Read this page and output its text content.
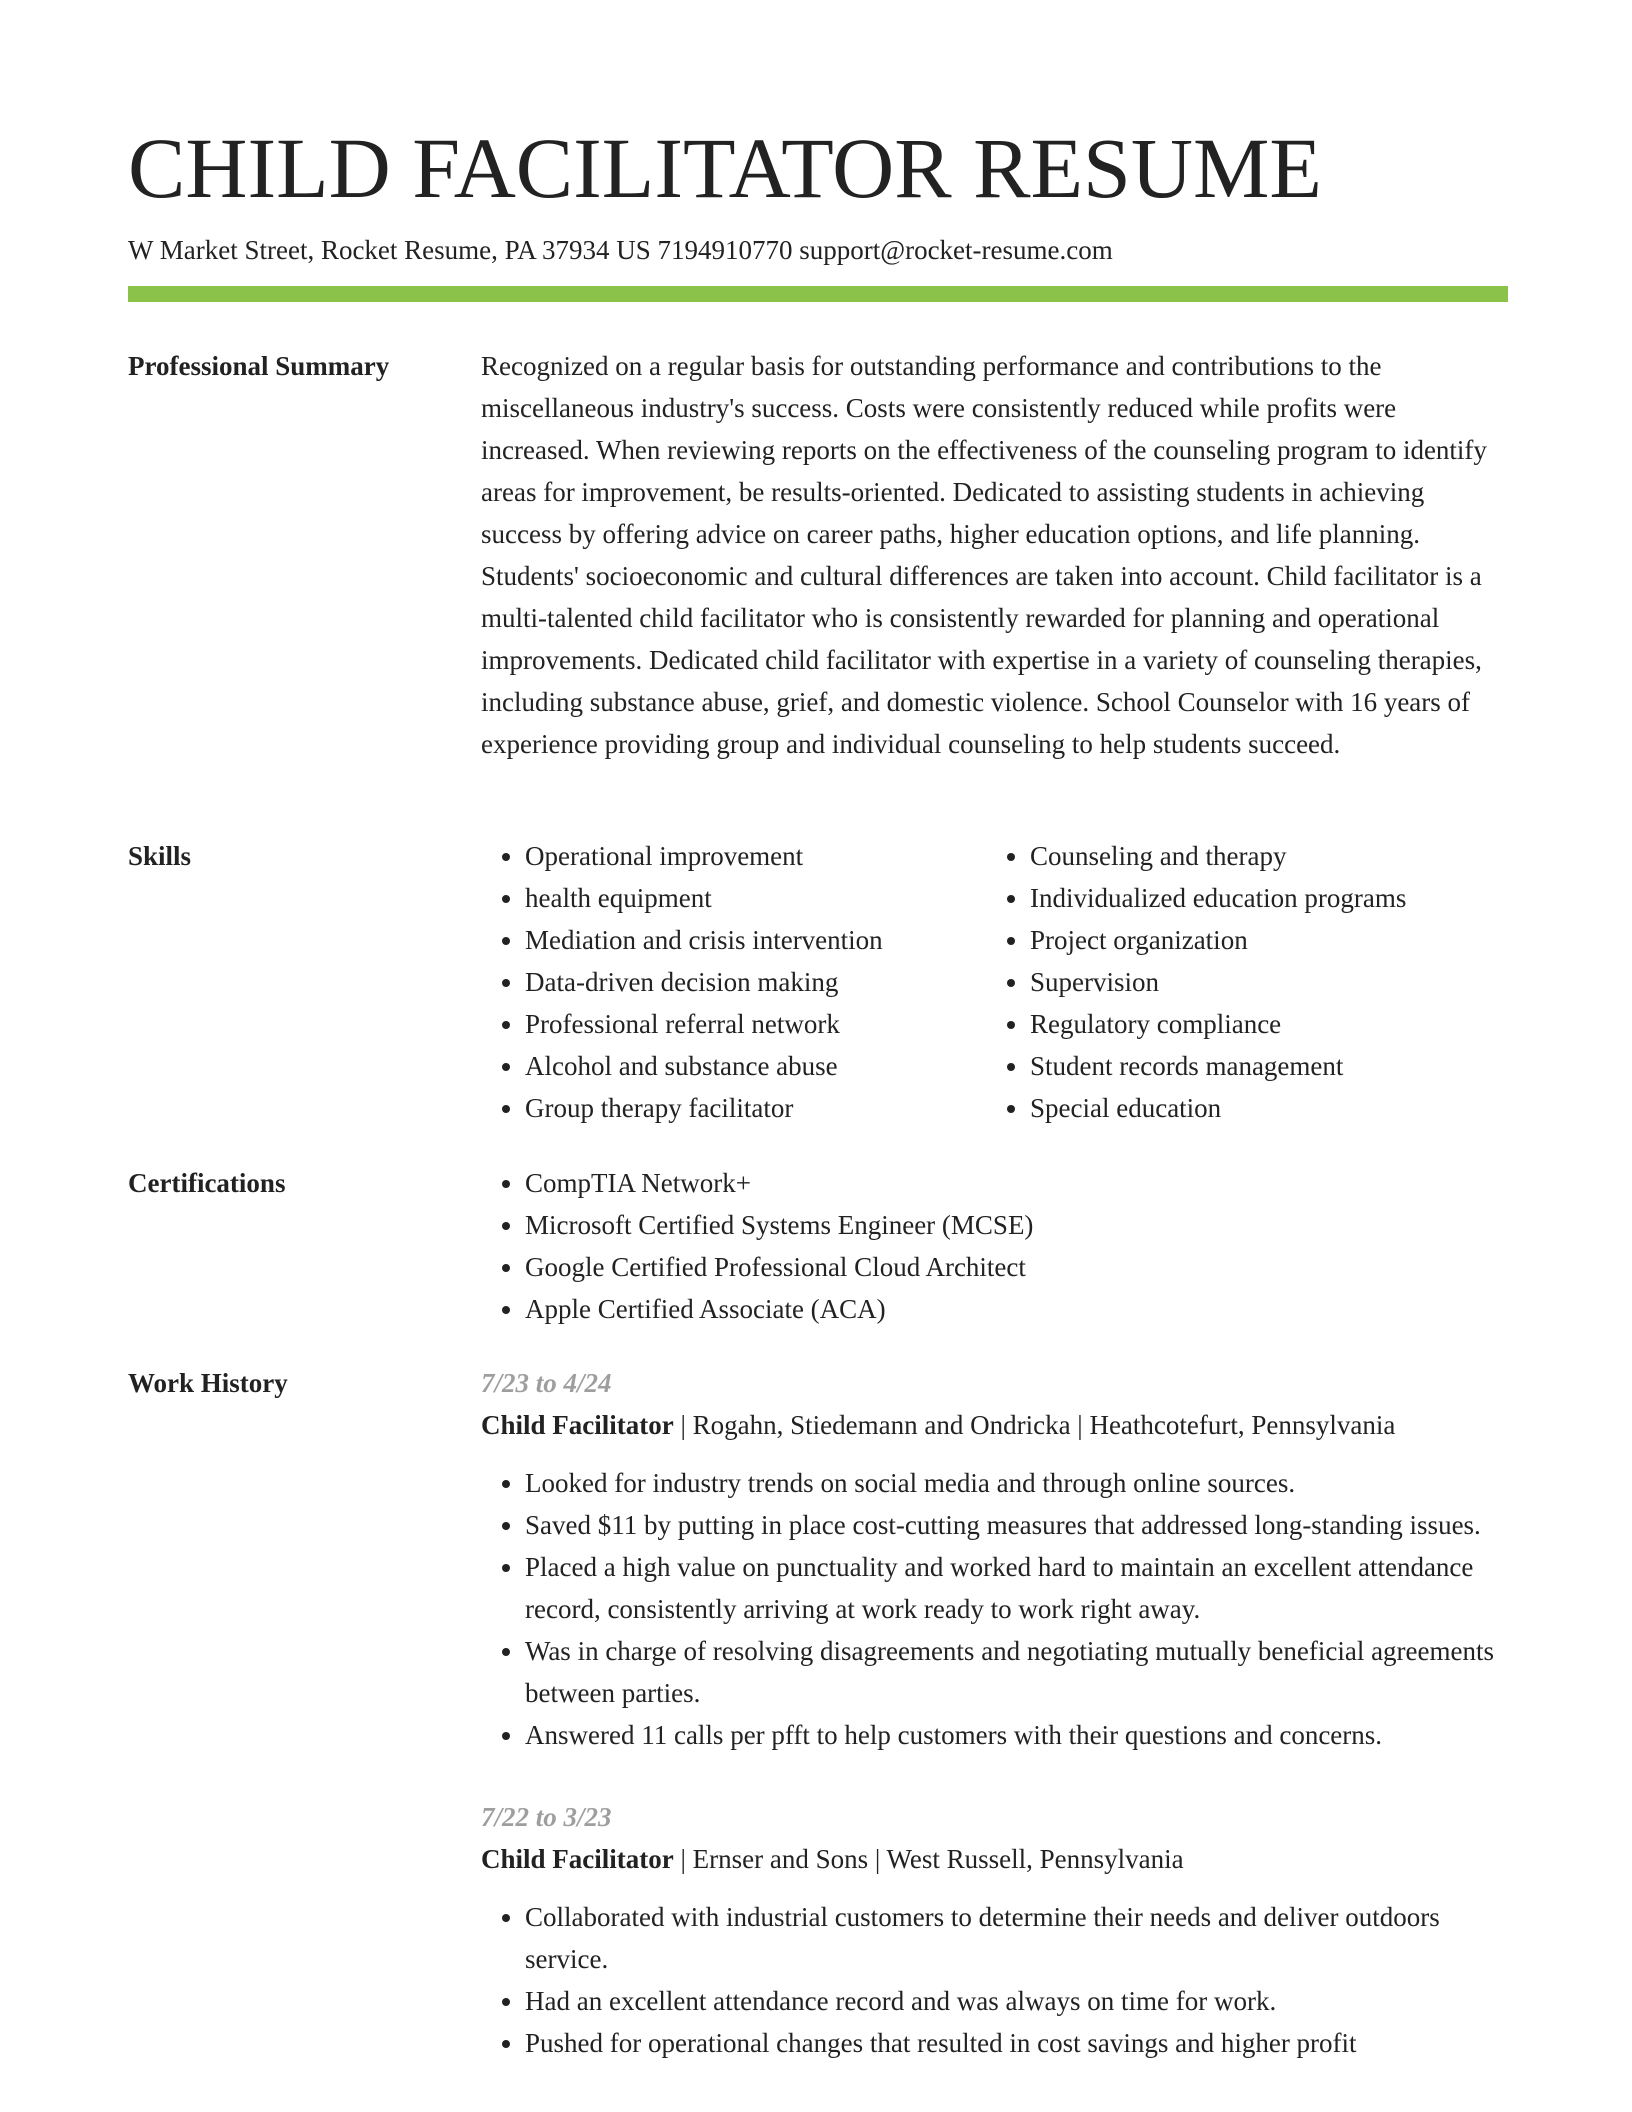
CHILD FACILITATOR RESUME
W Market Street, Rocket Resume, PA 37934 US 7194910770 support@rocket-resume.com
Professional Summary	Recognized on a regular basis for outstanding performance and contributions to the miscellaneous industry's success. Costs were consistently reduced while profits were increased. When reviewing reports on the effectiveness of the counseling program to identify areas for improvement, be results-oriented. Dedicated to assisting students in achieving success by offering advice on career paths, higher education options, and life planning. Students' socioeconomic and cultural differences are taken into account. Child facilitator is a multi-talented child facilitator who is consistently rewarded for planning and operational improvements. Dedicated child facilitator with expertise in a variety of counseling therapies, including substance abuse, grief, and domestic violence. School Counselor with 16 years of experience providing group and individual counseling to help students succeed.

Skills	• Operational improvement
• health equipment
• Mediation and crisis intervention
• Data-driven decision making
• Professional referral network
• Alcohol and substance abuse
• Group therapy facilitator
• Counseling and therapy
• Individualized education programs
• Project organization
• Supervision
• Regulatory compliance
• Student records management
• Special education
Certifications	• CompTIA Network+
• Microsoft Certified Systems Engineer (MCSE)
• Google Certified Professional Cloud Architect
• Apple Certified Associate (ACA)
Work History	7/23 to 4/24
Child Facilitator | Rogahn, Stiedemann and Ondricka | Heathcotefurt, Pennsylvania
• Looked for industry trends on social media and through online sources.
• Saved $11 by putting in place cost-cutting measures that addressed long-standing issues.
• Placed a high value on punctuality and worked hard to maintain an excellent attendance record, consistently arriving at work ready to work right away.
• Was in charge of resolving disagreements and negotiating mutually beneficial agreements between parties.
• Answered 11 calls per pfft to help customers with their questions and concerns.
7/22 to 3/23
Child Facilitator | Ernser and Sons | West Russell, Pennsylvania
• Collaborated with industrial customers to determine their needs and deliver outdoors service.
• Had an excellent attendance record and was always on time for work.
• Pushed for operational changes that resulted in cost savings and higher profit
